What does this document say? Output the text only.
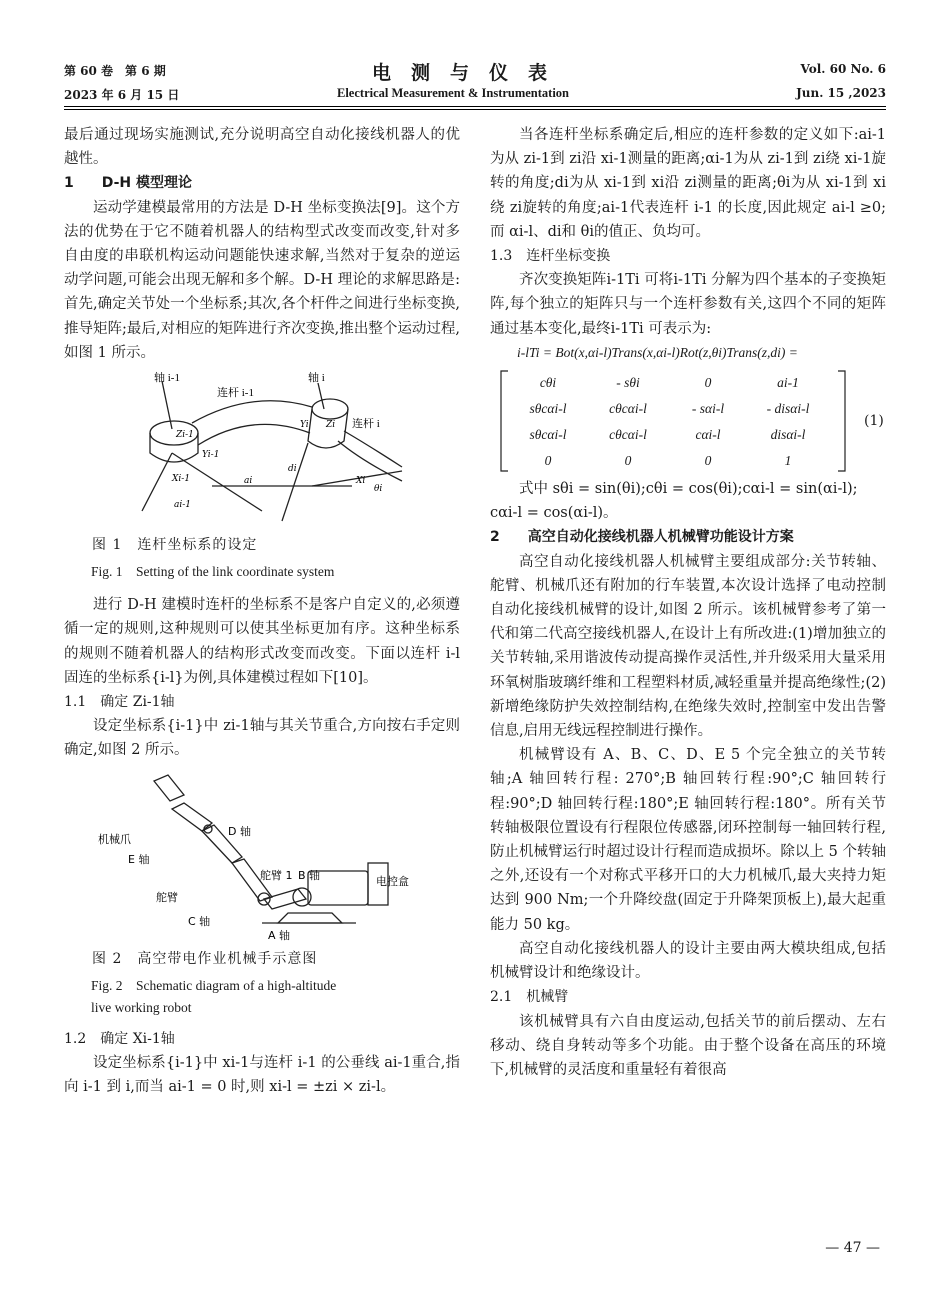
第 60 卷　第 6 期
2023 年 6 月 15 日
电测与仪表
Electrical Measurement & Instrumentation
Vol. 60 No. 6
Jun. 15 ,2023

最后通过现场实施测试,充分说明高空自动化接线机器人的优越性。

1　　D-H 模型理论

运动学建模最常用的方法是 D-H 坐标变换法[9]。这个方法的优势在于它不随着机器人的结构型式改变而改变,针对多自由度的串联机构运动问题能快速求解,当然对于复杂的逆运动学问题,可能会出现无解和多个解。D-H 理论的求解思路是:首先,确定关节处一个坐标系;其次,各个杆件之间进行坐标变换,推导矩阵;最后,对相应的矩阵进行齐次变换,推出整个运动过程,如图 1 所示。

轴 i-1	轴 i
连杆 i-1
连杆 i
Zi-1
Yi-1
Xi-1
Zi
Yi
Xi
ai
di
ai-1
θi

图 1　连杆坐标系的设定

Fig. 1　Setting of the link coordinate system

进行 D-H 建模时连杆的坐标系不是客户自定义的,必须遵循一定的规则,这种规则可以使其坐标更加有序。这种坐标系的规则不随着机器人的结构形式改变而改变。下面以连杆 i-l 固连的坐标系{i-l}为例,具体建模过程如下[10]。

1.1　确定 Zi-1轴

设定坐标系{i-1}中 zi-1轴与其关节重合,方向按右手定则确定,如图 2 所示。

机械爪
E 轴
D 轴
舵臂 1 B 轴	电控盒
舵臂
C 轴
A 轴

图 2　高空带电作业机械手示意图

Fig. 2　Schematic diagram of a high-altitude

live working robot

1.2　确定 Xi-1轴

设定坐标系{i-1}中 xi-1与连杆 i-1 的公垂线 ai-1重合,指向 i-1 到 i,而当 ai-1 = 0 时,则 xi-l = ±zi × zi-l。

当各连杆坐标系确定后,相应的连杆参数的定义如下:ai-1为从 zi-1到 zi沿 xi-1测量的距离;αi-1为从 zi-1到 zi绕 xi-1旋转的角度;di为从 xi-1到 xi沿 zi测量的距离;θi为从 xi-1到 xi绕 zi旋转的角度;ai-1代表连杆 i-1 的长度,因此规定 ai-l ≥0;而 αi-l、di和 θi的值正、负均可。

1.3　连杆坐标变换

齐次变换矩阵i-1Ti 可将i-1Ti 分解为四个基本的子变换矩阵,每个独立的矩阵只与一个连杆参数有关,这四个不同的矩阵通过基本变化,最终i-1Ti 可表示为:

i-lTi = Bot(x,αi-l)Trans(x,αi-l)Rot(z,θi)Trans(z,di) =

cθi	- sθi	0	ai-1
sθcαi-l	cθcαi-l	- sαi-l	- disαi-l
sθcαi-l	cθcαi-l	cαi-l	disαi-l
0	0	0	1
(1)

式中 sθi = sin(θi);cθi = cos(θi);cαi-l = sin(αi-l);

cαi-l = cos(αi-l)。

2　　高空自动化接线机器人机械臂功能设计方案

高空自动化接线机器人机械臂主要组成部分:关节转轴、舵臂、机械爪还有附加的行车装置,本次设计选择了电动控制自动化接线机械臂的设计,如图 2 所示。该机械臂参考了第一代和第二代高空接线机器人,在设计上有所改进:(1)增加独立的关节转轴,采用谐波传动提高操作灵活性,并升级采用大量采用环氧树脂玻璃纤维和工程塑料材质,减轻重量并提高绝缘性;(2)新增绝缘防护失效控制结构,在绝缘失效时,控制室中发出告警信息,启用无线远程控制进行操作。

机械臂设有 A、B、C、D、E 5 个完全独立的关节转轴;A 轴回转行程: 270°;B 轴回转行程:90°;C 轴回转行程:90°;D 轴回转行程:180°;E 轴回转行程:180°。所有关节转轴极限位置设有行程限位传感器,闭环控制每一轴回转行程,防止机械臂运行时超过设计行程而造成损坏。除以上 5 个转轴之外,还设有一个对称式平移开口的大力机械爪,最大夹持力矩达到 900 Nm;一个升降绞盘(固定于升降架顶板上),最大起重能力 50 kg。

高空自动化接线机器人的设计主要由两大模块组成,包括机械臂设计和绝缘设计。

2.1　机械臂

该机械臂具有六自由度运动,包括关节的前后摆动、左右移动、绕自身转动等多个功能。由于整个设备在高压的环境下,机械臂的灵活度和重量轻有着很高

— 47 —
